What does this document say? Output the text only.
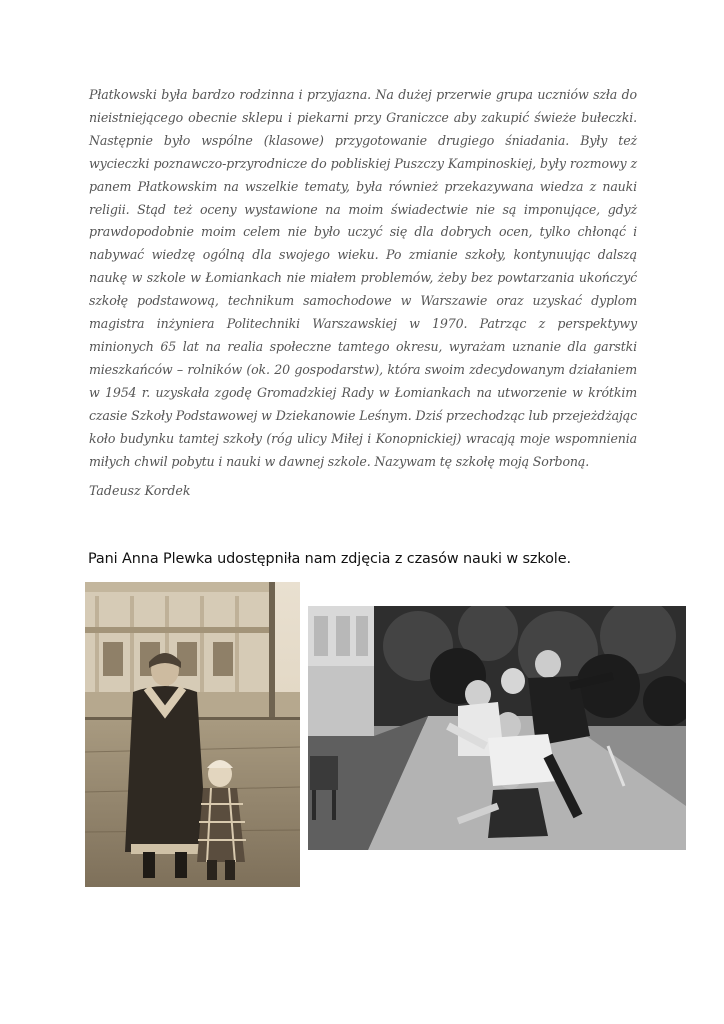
Płatkowski była bardzo rodzinna i przyjazna. Na dużej przerwie grupa uczniów szła do nieistniejącego obecnie sklepu i piekarni przy Graniczce aby zakupić świeże bułeczki. Następnie było wspólne (klasowe) przygotowanie drugiego śniadania. Były też wycieczki poznawczo-przyrodnicze do pobliskiej Puszczy Kampinoskiej, były rozmowy z panem Płatkowskim na wszelkie tematy, była również przekazywana wiedza z nauki religii. Stąd też oceny wystawione na moim świadectwie nie są imponujące, gdyż prawdopodobnie moim celem nie było uczyć się dla dobrych ocen, tylko chłonąć i nabywać wiedzę ogólną dla swojego wieku. Po zmianie szkoły, kontynuując dalszą naukę w szkole w Łomiankach nie miałem problemów, żeby bez powtarzania ukończyć szkołę podstawową, technikum samochodowe w Warszawie oraz uzyskać dyplom magistra inżyniera Politechniki Warszawskiej w 1970. Patrząc z perspektywy minionych 65 lat na realia społeczne tamtego okresu, wyrażam uznanie dla garstki mieszkańców – rolników (ok. 20 gospodarstw), która swoim zdecydowanym działaniem w 1954 r. uzyskała zgodę Gromadzkiej Rady w Łomiankach na utworzenie w krótkim czasie Szkoły Podstawowej w Dziekanowie Leśnym. Dziś przechodząc lub przejeżdżając koło budynku tamtej szkoły (róg ulicy Miłej i Konopnickiej) wracają moje wspomnienia miłych chwil pobytu i nauki w dawnej szkole. Nazywam tę szkołę moją Sorboną.

Tadeusz Kordek
Pani Anna Plewka udostępniła nam zdjęcia z czasów nauki w szkole.
